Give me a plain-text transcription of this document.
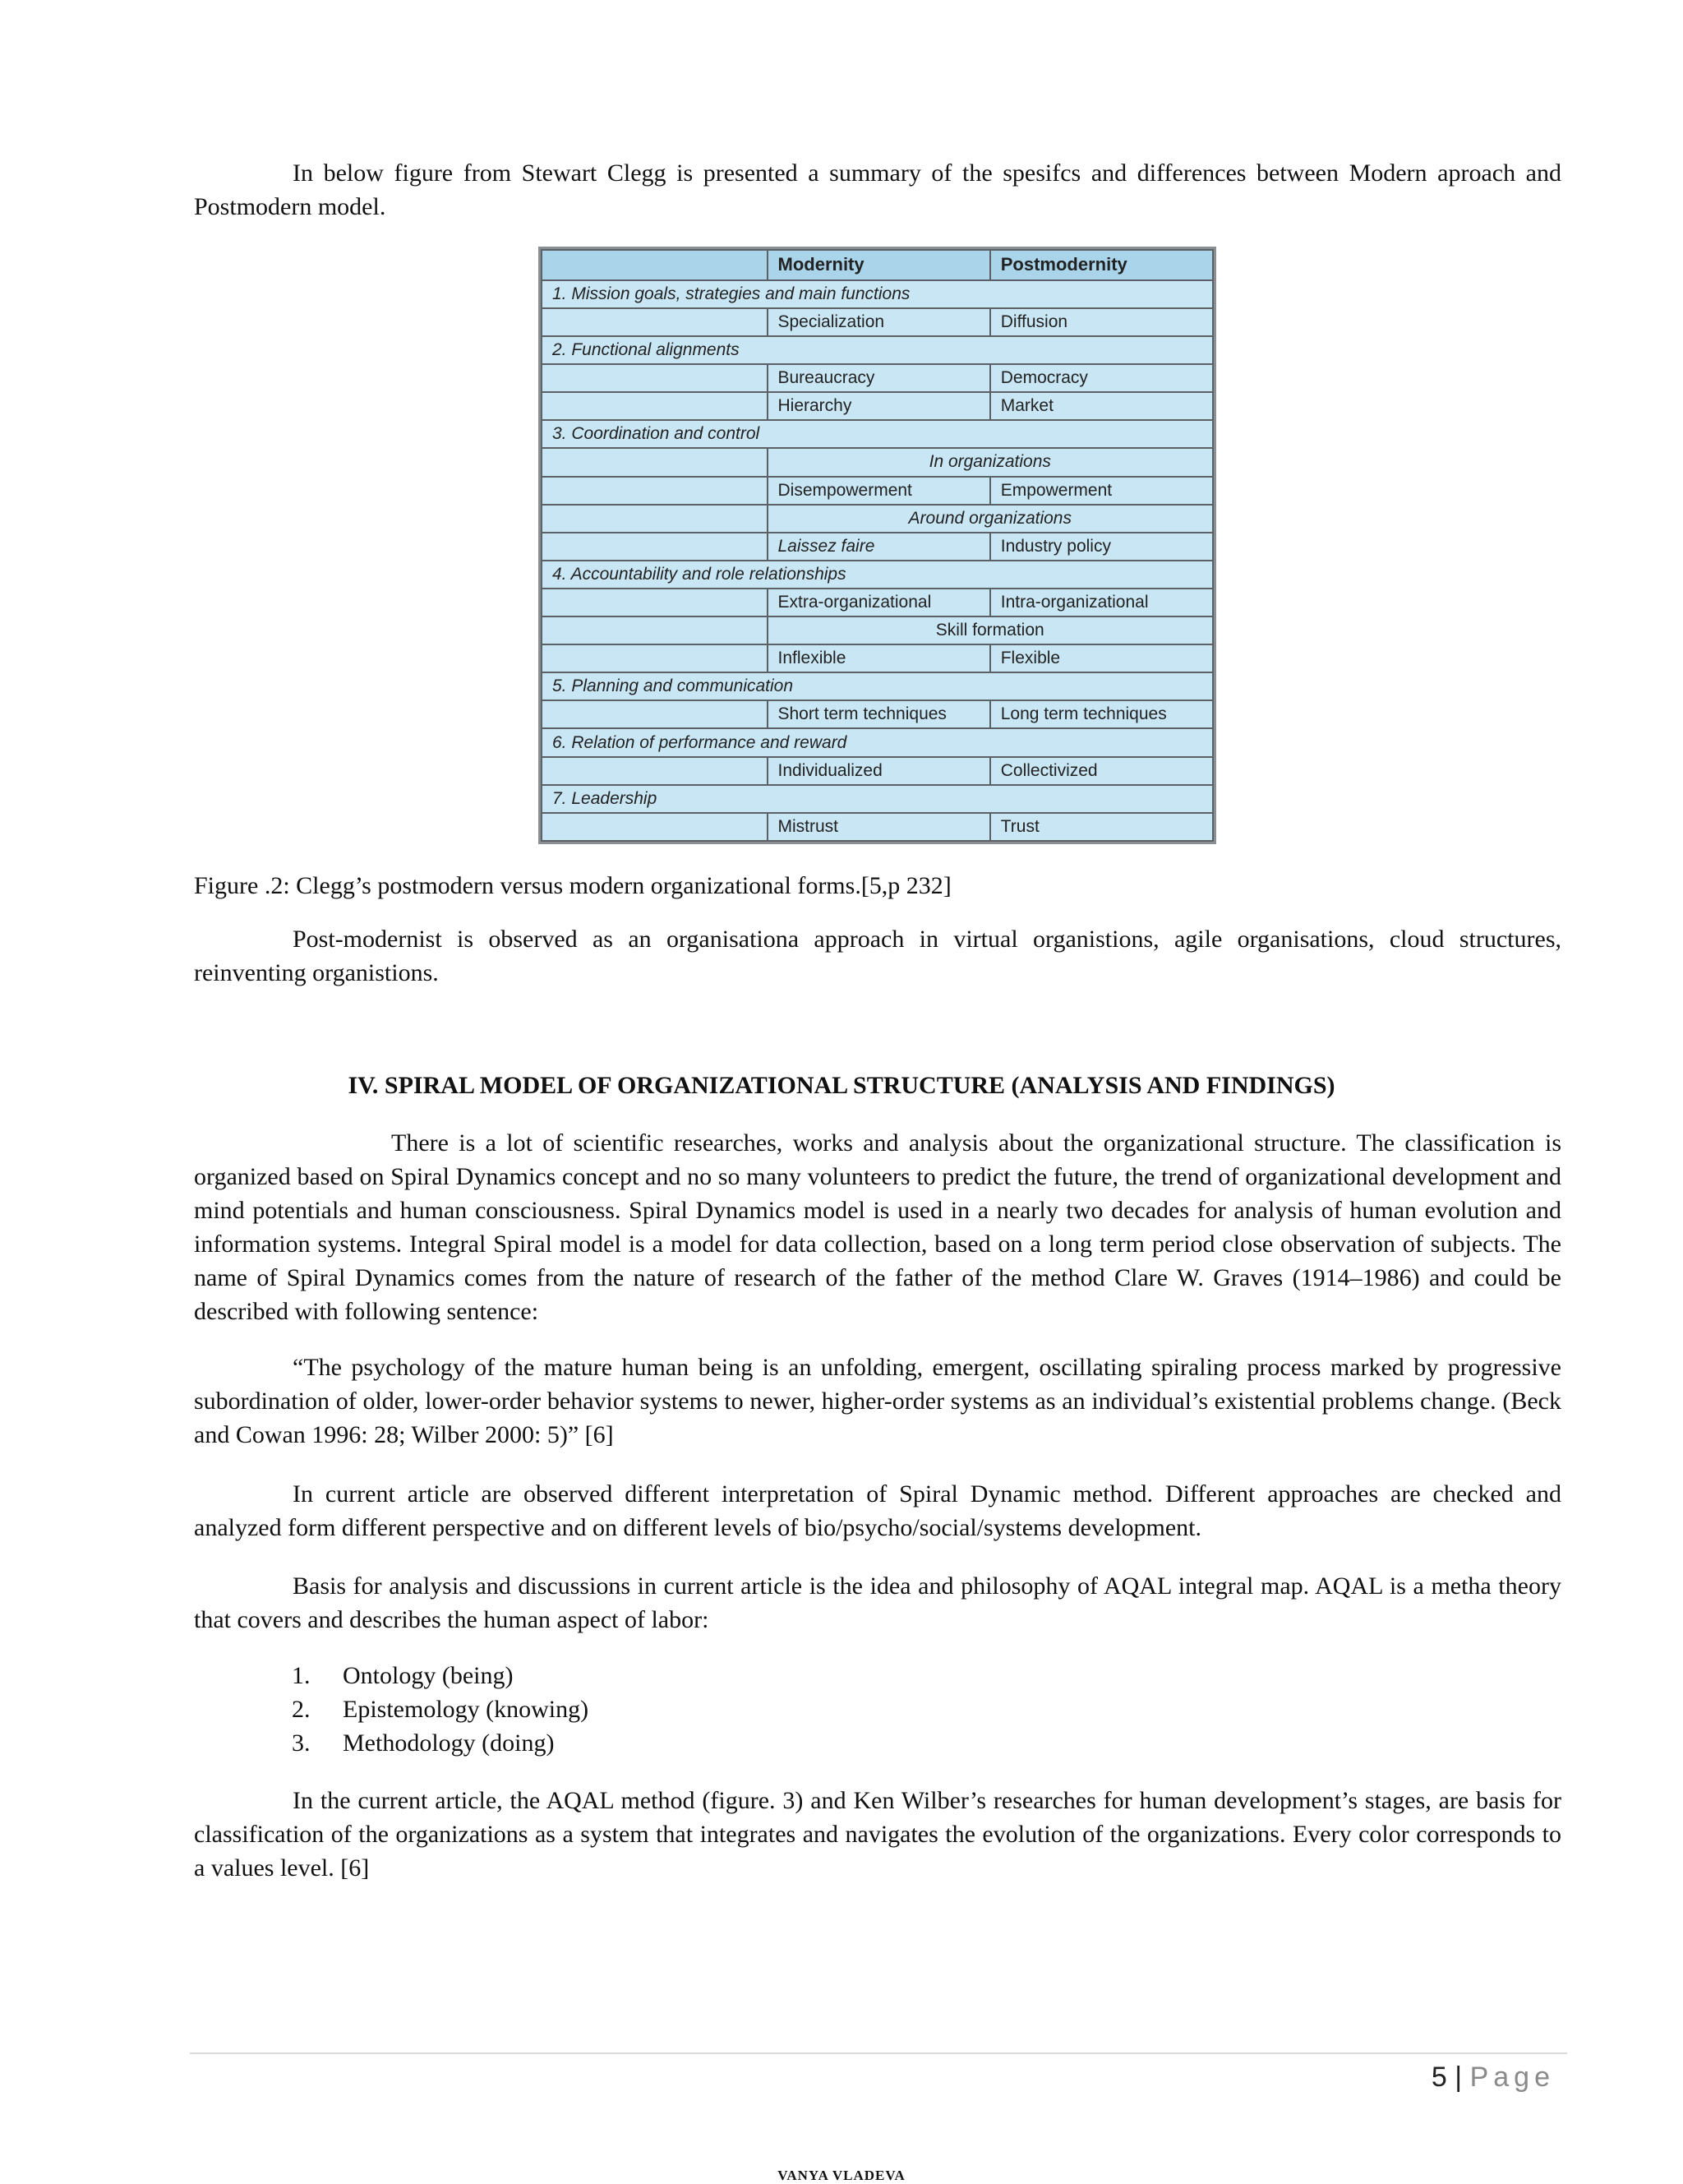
In below figure from Stewart Clegg is presented a summary of the spesifcs and differences between Modern aproach and Postmodern model.

	Modernity	Postmodernity
1. Mission goals, strategies and main functions		
	Specialization	Diffusion
2. Functional alignments		
	Bureaucracy	Democracy
	Hierarchy	Market
3. Coordination and control		
	In organizations	
	Disempowerment	Empowerment
	Around organizations	
	Laissez faire	Industry policy
4. Accountability and role relationships		
	Extra-organizational	Intra-organizational
	Skill formation	
	Inflexible	Flexible
5. Planning and communication		
	Short term techniques	Long term techniques
6. Relation of performance and reward		
	Individualized	Collectivized
7. Leadership		
	Mistrust	Trust
Figure .2: Clegg’s postmodern versus modern organizational forms.[5,p 232]

Post-modernist is observed as an organisationa approach in virtual organistions, agile organisations, cloud structures, reinventing organistions.

IV. SPIRAL MODEL OF ORGANIZATIONAL STRUCTURE (ANALYSIS AND FINDINGS)

There is a lot of scientific researches, works and analysis about the organizational structure. The classification is organized based on Spiral Dynamics concept and no so many volunteers to predict the future, the trend of organizational development and mind potentials and human consciousness. Spiral Dynamics model is used in a nearly two decades for analysis of human evolution and information systems. Integral Spiral model is a model for data collection, based on a long term period close observation of subjects. The name of Spiral Dynamics comes from the nature of research of the father of the method Clare W. Graves (1914–1986) and could be described with following sentence:

“The psychology of the mature human being is an unfolding, emergent, oscillating spiraling process marked by progressive subordination of older, lower-order behavior systems to newer, higher-order systems as an individual’s existential problems change. (Beck and Cowan 1996: 28; Wilber 2000: 5)” [6]

In current article are observed different interpretation of Spiral Dynamic method. Different approaches are checked and analyzed form different perspective and on different levels of bio/psycho/social/systems development.

Basis for analysis and discussions in current article is the idea and philosophy of AQAL integral map. AQAL is a metha theory that covers and describes the human aspect of labor:

1. Ontology (being)
2. Epistemology (knowing)
3. Methodology (doing)

In the current article, the AQAL method (figure. 3) and Ken Wilber’s researches for human development’s stages, are basis for classification of the organizations as a system that integrates and navigates the evolution of the organizations. Every color corresponds to a values level. [6]

5 | Page
VANYA VLADEVA
